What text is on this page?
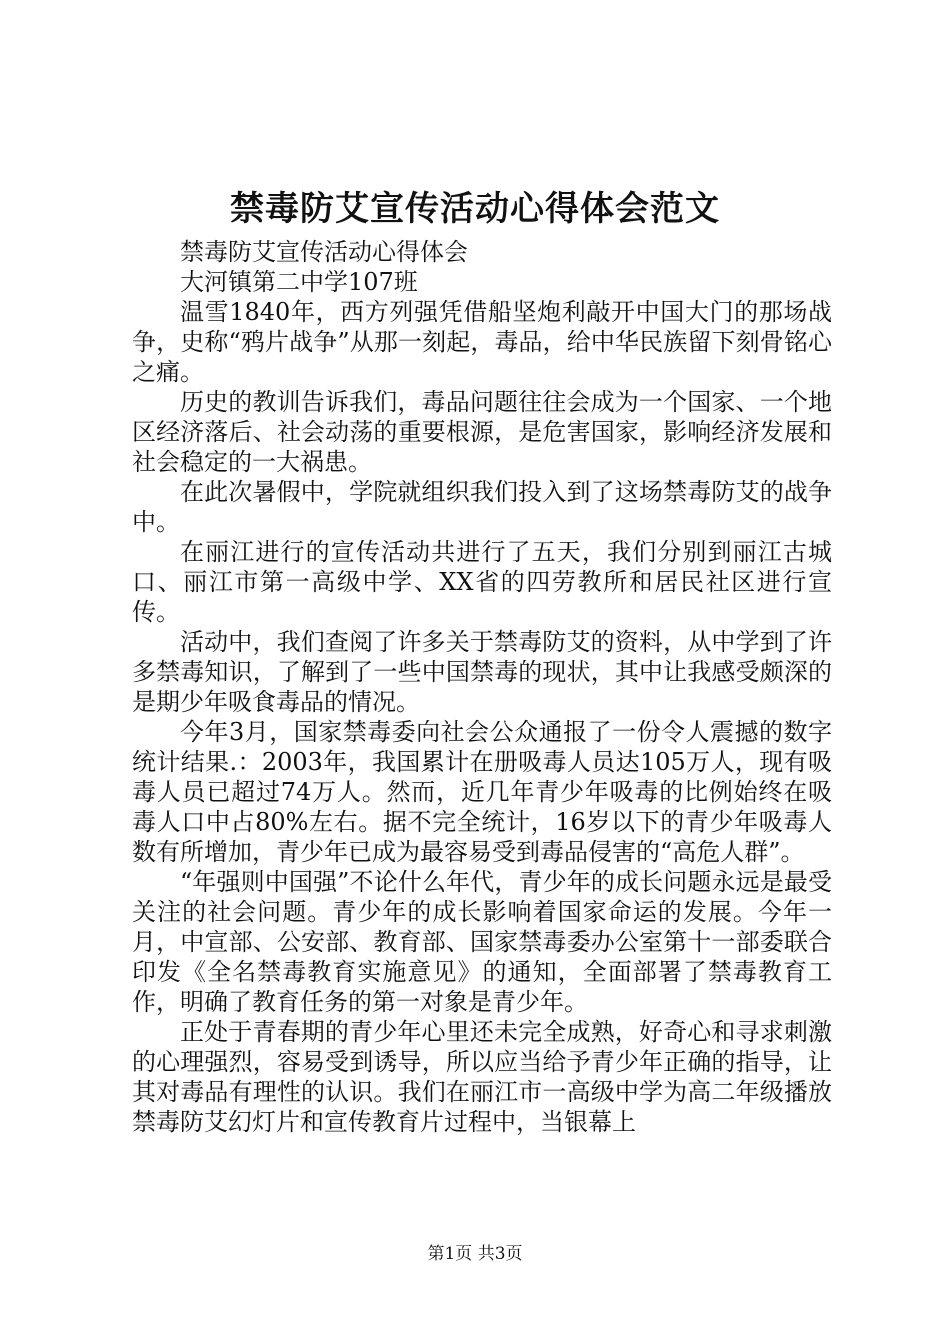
禁毒防艾宣传活动心得体会范文

禁毒防艾宣传活动心得体会

大河镇第二中学107班

温雪1840年，西方列强凭借船坚炮利敲开中国大门的那场战争，史称“鸦片战争”从那一刻起，毒品，给中华民族留下刻骨铭心之痛。

历史的教训告诉我们，毒品问题往往会成为一个国家、一个地区经济落后、社会动荡的重要根源，是危害国家，影响经济发展和社会稳定的一大祸患。

在此次暑假中，学院就组织我们投入到了这场禁毒防艾的战争中。

在丽江进行的宣传活动共进行了五天，我们分别到丽江古城口、丽江市第一高级中学、XX省的四劳教所和居民社区进行宣传。

活动中，我们查阅了许多关于禁毒防艾的资料，从中学到了许多禁毒知识，了解到了一些中国禁毒的现状，其中让我感受颇深的是期少年吸食毒品的情况。

今年3月，国家禁毒委向社会公众通报了一份令人震撼的数字统计结果.：2003年，我国累计在册吸毒人员达105万人，现有吸毒人员已超过74万人。然而，近几年青少年吸毒的比例始终在吸毒人口中占80%左右。据不完全统计，16岁以下的青少年吸毒人数有所增加，青少年已成为最容易受到毒品侵害的“高危人群”。

“年强则中国强”不论什么年代，青少年的成长问题永远是最受关注的社会问题。青少年的成长影响着国家命运的发展。今年一月，中宣部、公安部、教育部、国家禁毒委办公室第十一部委联合印发《全名禁毒教育实施意见》的通知，全面部署了禁毒教育工作，明确了教育任务的第一对象是青少年。

正处于青春期的青少年心里还未完全成熟，好奇心和寻求刺激的心理强烈，容易受到诱导，所以应当给予青少年正确的指导，让其对毒品有理性的认识。我们在丽江市一高级中学为高二年级播放禁毒防艾幻灯片和宣传教育片过程中，当银幕上

第1页 共3页
